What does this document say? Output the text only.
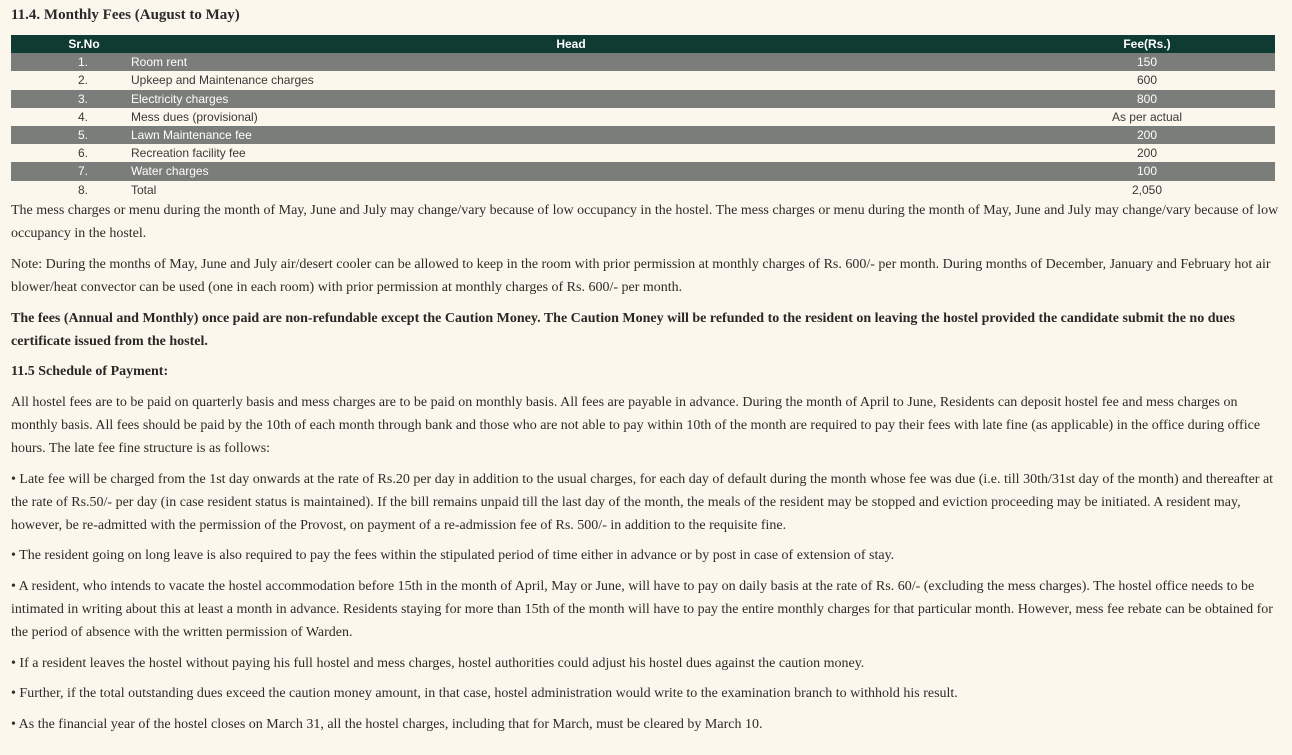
11.4. Monthly Fees (August to May)
Sr.No	Head	Fee(Rs.)
1.	Room rent	150
2.	Upkeep and Maintenance charges	600
3.	Electricity charges	800
4.	Mess dues (provisional)	As per actual
5.	Lawn Maintenance fee	200
6.	Recreation facility fee	200
7.	Water charges	100
8.	Total	2,050

The mess charges or menu during the month of May, June and July may change/vary because of low occupancy in the hostel. The mess charges or menu during the month of May, June and July may change/vary because of low occupancy in the hostel.

Note: During the months of May, June and July air/desert cooler can be allowed to keep in the room with prior permission at monthly charges of Rs. 600/- per month. During months of December, January and February hot air blower/heat convector can be used (one in each room) with prior permission at monthly charges of Rs. 600/- per month.

The fees (Annual and Monthly) once paid are non-refundable except the Caution Money. The Caution Money will be refunded to the resident on leaving the hostel provided the candidate submit the no dues certificate issued from the hostel.

11.5 Schedule of Payment:

All hostel fees are to be paid on quarterly basis and mess charges are to be paid on monthly basis. All fees are payable in advance. During the month of April to June, Residents can deposit hostel fee and mess charges on monthly basis. All fees should be paid by the 10th of each month through bank and those who are not able to pay within 10th of the month are required to pay their fees with late fine (as applicable) in the office during office hours. The late fee fine structure is as follows:

• Late fee will be charged from the 1st day onwards at the rate of Rs.20 per day in addition to the usual charges, for each day of default during the month whose fee was due (i.e. till 30th/31st day of the month) and thereafter at the rate of Rs.50/- per day (in case resident status is maintained). If the bill remains unpaid till the last day of the month, the meals of the resident may be stopped and eviction proceeding may be initiated. A resident may, however, be re-admitted with the permission of the Provost, on payment of a re-admission fee of Rs. 500/- in addition to the requisite fine.

• The resident going on long leave is also required to pay the fees within the stipulated period of time either in advance or by post in case of extension of stay.

• A resident, who intends to vacate the hostel accommodation before 15th in the month of April, May or June, will have to pay on daily basis at the rate of Rs. 60/- (excluding the mess charges). The hostel office needs to be intimated in writing about this at least a month in advance. Residents staying for more than 15th of the month will have to pay the entire monthly charges for that particular month. However, mess fee rebate can be obtained for the period of absence with the written permission of Warden.

• If a resident leaves the hostel without paying his full hostel and mess charges, hostel authorities could adjust his hostel dues against the caution money.

• Further, if the total outstanding dues exceed the caution money amount, in that case, hostel administration would write to the examination branch to withhold his result.

• As the financial year of the hostel closes on March 31, all the hostel charges, including that for March, must be cleared by March 10.
